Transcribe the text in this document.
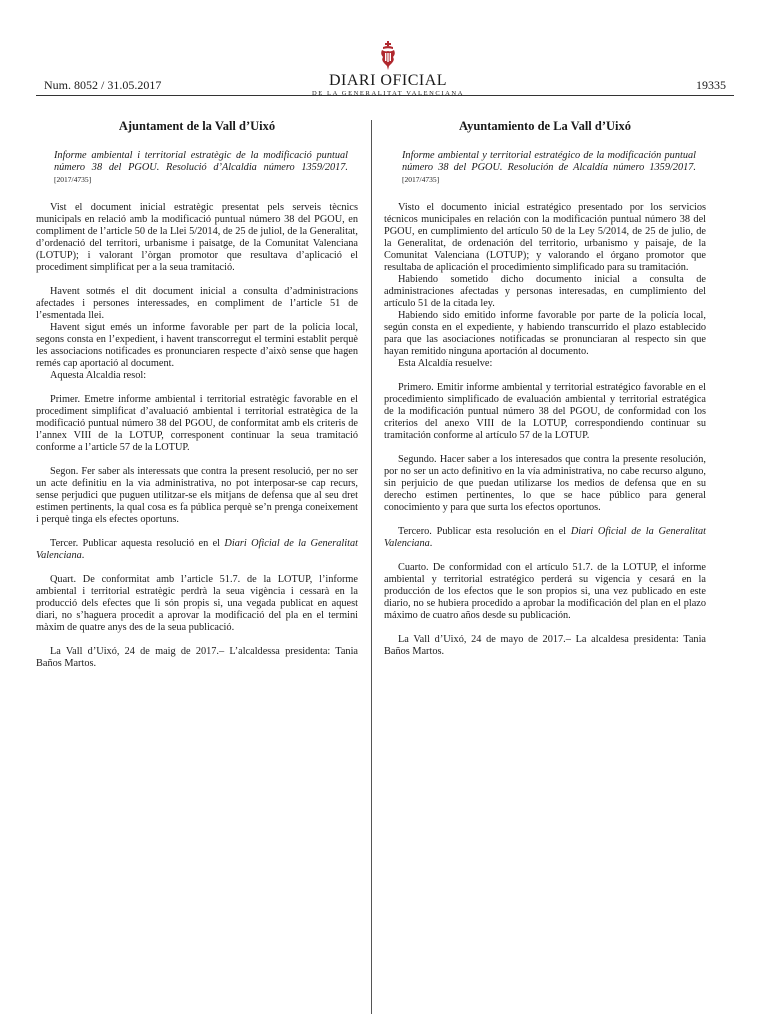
Num. 8052 / 31.05.2017	DIARI OFICIAL
DE LA GENERALITAT VALENCIANA
19335
Ajuntament de la Vall d’Uixó
Informe ambiental i territorial estratègic de la modificació puntual número 38 del PGOU. Resolució d’Alcaldia número 1359/2017. [2017/4735]

Vist el document inicial estratègic presentat pels serveis tècnics municipals en relació amb la modificació puntual número 38 del PGOU, en compliment de l’article 50 de la Llei 5/2014, de 25 de juliol, de la Generalitat, d’ordenació del territori, urbanisme i paisatge, de la Comunitat Valenciana (LOTUP); i valorant l’òrgan promotor que resultava d’aplicació el procediment simplificat per a la seua tramitació.

Havent sotmés el dit document inicial a consulta d’administracions afectades i persones interessades, en compliment de l’article 51 de l’esmentada llei.

Havent sigut emés un informe favorable per part de la policia local, segons consta en l’expedient, i havent transcorregut el termini establit perquè les associacions notificades es pronunciaren respecte d’això sense que hagen remés cap aportació al document.

Aquesta Alcaldia resol:

Primer. Emetre informe ambiental i territorial estratègic favorable en el procediment simplificat d’avaluació ambiental i territorial estratègica de la modificació puntual número 38 del PGOU, de conformitat amb els criteris de l’annex VIII de la LOTUP, corresponent continuar la seua tramitació conforme a l’article 57 de la LOTUP.

Segon. Fer saber als interessats que contra la present resolució, per no ser un acte definitiu en la via administrativa, no pot interposar-se cap recurs, sense perjudici que puguen utilitzar-se els mitjans de defensa que al seu dret estimen pertinents, la qual cosa es fa pública perquè se’n prenga coneixement i perquè tinga els efectes oportuns.

Tercer. Publicar aquesta resolució en el Diari Oficial de la Generalitat Valenciana.

Quart. De conformitat amb l’article 51.7. de la LOTUP, l’informe ambiental i territorial estratègic perdrà la seua vigència i cessarà en la producció dels efectes que li són propis si, una vegada publicat en aquest diari, no s’haguera procedit a aprovar la modificació del pla en el termini màxim de quatre anys des de la seua publicació.

La Vall d’Uixó, 24 de maig de 2017.– L’alcaldessa presidenta: Tania Baños Martos.

Ayuntamiento de La Vall d’Uixó
Informe ambiental y territorial estratégico de la modificación puntual número 38 del PGOU. Resolución de Alcaldía número 1359/2017. [2017/4735]

Visto el documento inicial estratégico presentado por los servicios técnicos municipales en relación con la modificación puntual número 38 del PGOU, en cumplimiento del artículo 50 de la Ley 5/2014, de 25 de julio, de la Generalitat, de ordenación del territorio, urbanismo y paisaje, de la Comunitat Valenciana (LOTUP); y valorando el órgano promotor que resultaba de aplicación el procedimiento simplificado para su tramitación.

Habiendo sometido dicho documento inicial a consulta de administraciones afectadas y personas interesadas, en cumplimiento del artículo 51 de la citada ley.

Habiendo sido emitido informe favorable por parte de la policía local, según consta en el expediente, y habiendo transcurrido el plazo establecido para que las asociaciones notificadas se pronunciaran al respecto sin que hayan remitido ninguna aportación al documento.

Esta Alcaldía resuelve:

Primero. Emitir informe ambiental y territorial estratégico favorable en el procedimiento simplificado de evaluación ambiental y territorial estratégica de la modificación puntual número 38 del PGOU, de conformidad con los criterios del anexo VIII de la LOTUP, correspondiendo continuar su tramitación conforme al artículo 57 de la LOTUP.

Segundo. Hacer saber a los interesados que contra la presente resolución, por no ser un acto definitivo en la vía administrativa, no cabe recurso alguno, sin perjuicio de que puedan utilizarse los medios de defensa que en su derecho estimen pertinentes, lo que se hace público para general conocimiento y para que surta los efectos oportunos.

Tercero. Publicar esta resolución en el Diari Oficial de la Generalitat Valenciana.

Cuarto. De conformidad con el artículo 51.7. de la LOTUP, el informe ambiental y territorial estratégico perderá su vigencia y cesará en la producción de los efectos que le son propios si, una vez publicado en este diario, no se hubiera procedido a aprobar la modificación del plan en el plazo máximo de cuatro años desde su publicación.

La Vall d’Uixó, 24 de mayo de 2017.– La alcaldesa presidenta: Tania Baños Martos.
